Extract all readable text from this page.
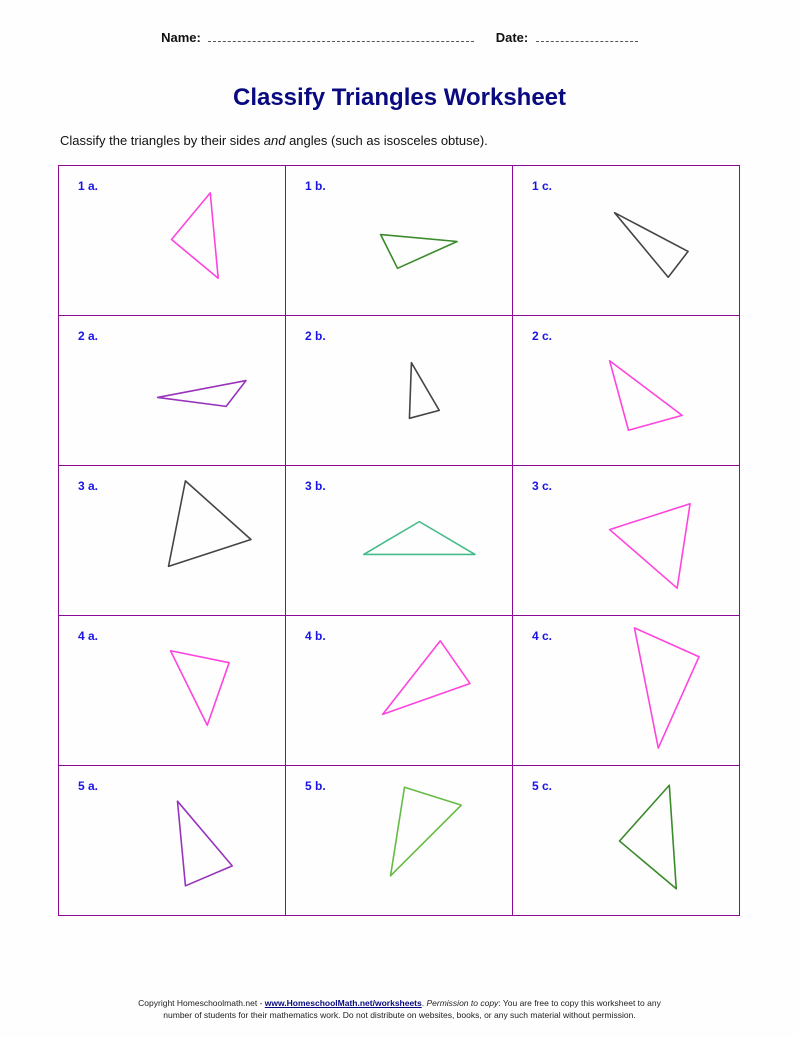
Name:	Date:
Classify Triangles Worksheet
Classify the triangles by their sides and angles (such as isosceles obtuse).
1 a.	1 b.	1 c.
2 a.	2 b.	2 c.
3 a.	3 b.	3 c.
4 a.	4 b.	4 c.
5 a.	5 b.	5 c.
Copyright Homeschoolmath.net - www.HomeschoolMath.net/worksheets. Permission to copy: You are free to copy this worksheet to any
number of students for their mathematics work. Do not distribute on websites, books, or any such material without permission.
